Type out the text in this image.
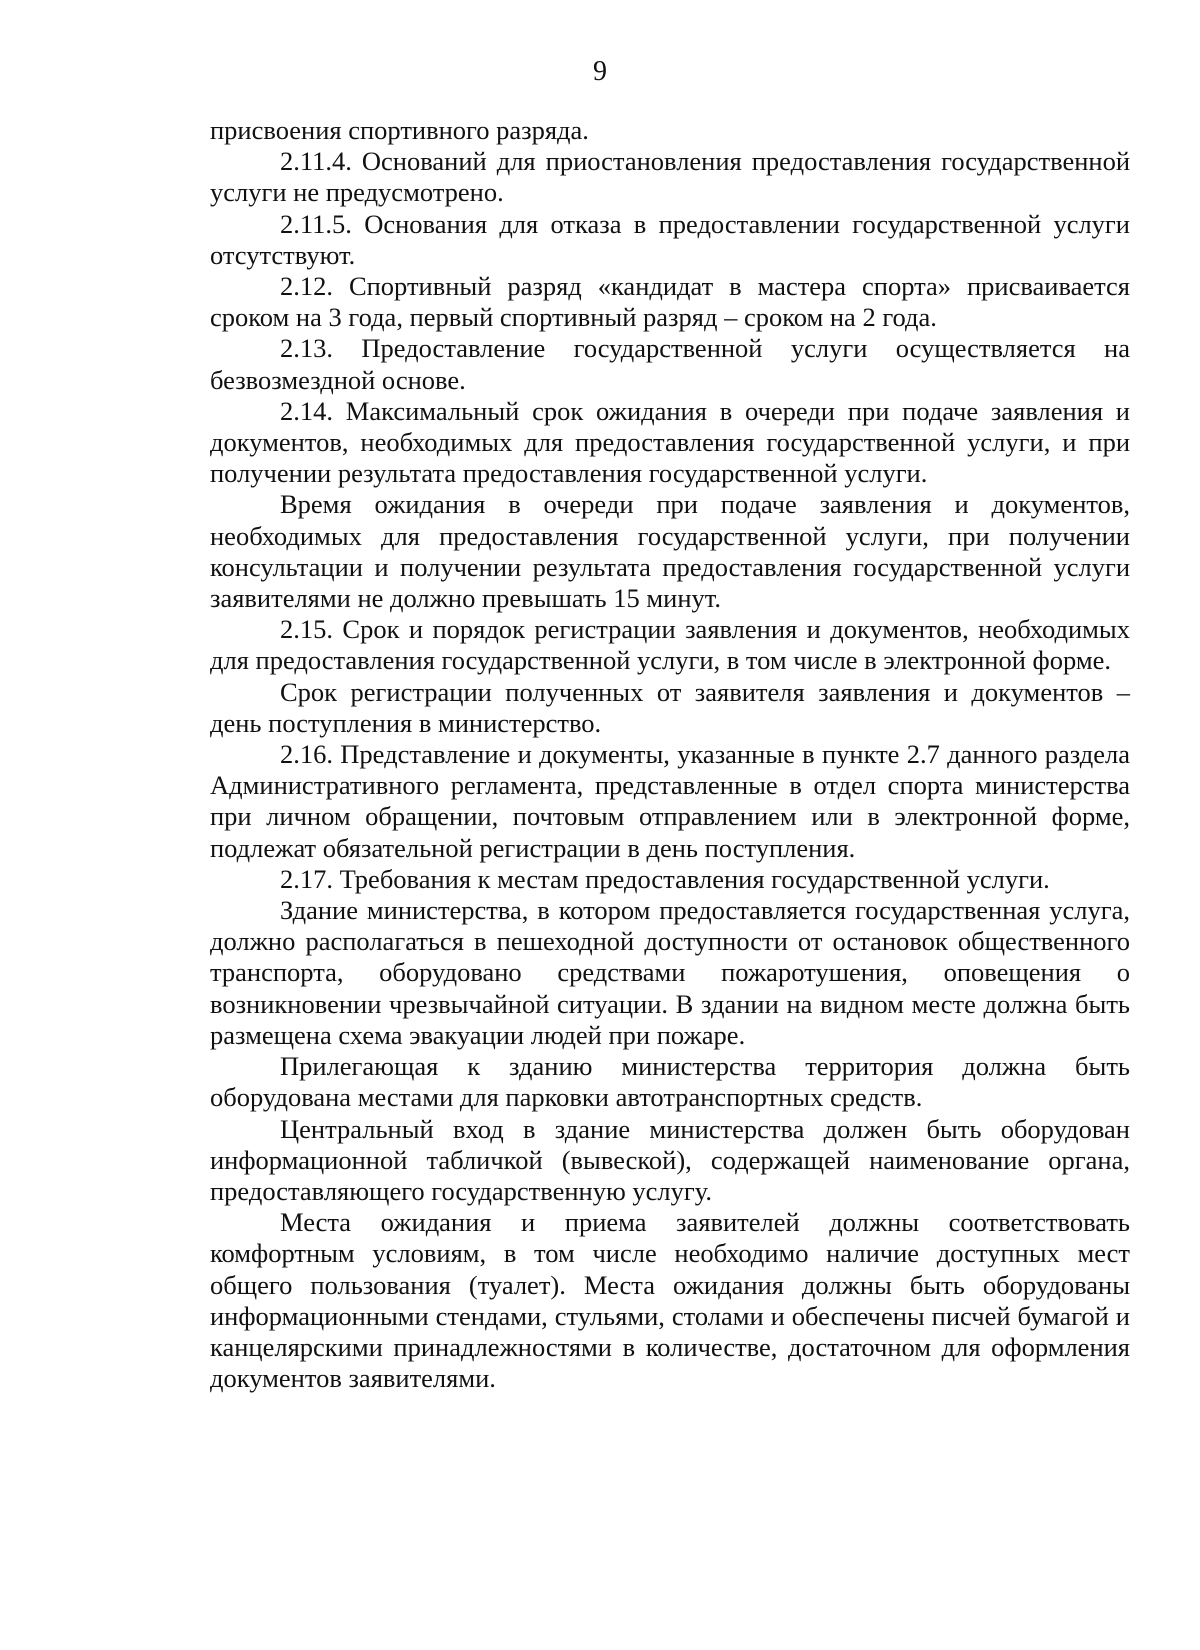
9

присвоения спортивного разряда.

2.11.4. Оснований для приостановления предоставления государственной услуги не предусмотрено.

2.11.5. Основания для отказа в предоставлении государственной услуги отсутствуют.

2.12. Спортивный разряд «кандидат в мастера спорта» присваивается сроком на 3 года, первый спортивный разряд – сроком на 2 года.

2.13. Предоставление государственной услуги осуществляется на безвозмездной основе.

2.14. Максимальный срок ожидания в очереди при подаче заявления и документов, необходимых для предоставления государственной услуги, и при получении результата предоставления государственной услуги.

Время ожидания в очереди при подаче заявления и документов, необходимых для предоставления государственной услуги, при получении консультации и получении результата предоставления государственной услуги заявителями не должно превышать 15 минут.

2.15. Срок и порядок регистрации заявления и документов, необходимых для предоставления государственной услуги, в том числе в электронной форме.

Срок регистрации полученных от заявителя заявления и документов – день поступления в министерство.

2.16. Представление и документы, указанные в пункте 2.7 данного раздела Административного регламента, представленные в отдел спорта министерства при личном обращении, почтовым отправлением или в электронной форме, подлежат обязательной регистрации в день поступления.

2.17. Требования к местам предоставления государственной услуги.

Здание министерства, в котором предоставляется государственная услуга, должно располагаться в пешеходной доступности от остановок общественного транспорта, оборудовано средствами пожаротушения, оповещения о возникновении чрезвычайной ситуации. В здании на видном месте должна быть размещена схема эвакуации людей при пожаре.

Прилегающая к зданию министерства территория должна быть оборудована местами для парковки автотранспортных средств.

Центральный вход в здание министерства должен быть оборудован информационной табличкой (вывеской), содержащей наименование органа, предоставляющего государственную услугу.

Места ожидания и приема заявителей должны соответствовать комфортным условиям, в том числе необходимо наличие доступных мест общего пользования (туалет). Места ожидания должны быть оборудованы информационными стендами, стульями, столами и обеспечены писчей бумагой и канцелярскими принадлежностями в количестве, достаточном для оформления документов заявителями.
